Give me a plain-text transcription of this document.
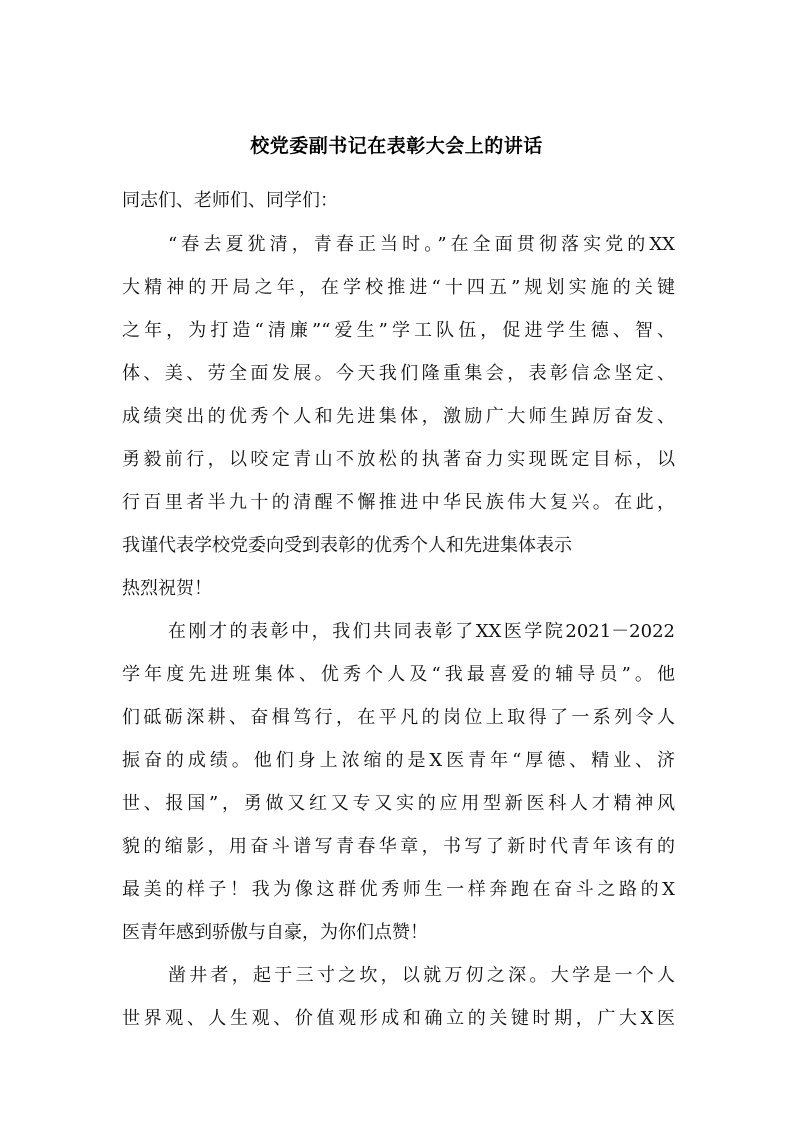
校党委副书记在表彰大会上的讲话
同志们、老师们、同学们：
“春去夏犹清，青春正当时。”在全面贯彻落实党的XX
大精神的开局之年，在学校推进“十四五”规划实施的关键
之年，为打造“清廉”“爱生”学工队伍，促进学生德、智、
体、美、劳全面发展。今天我们隆重集会，表彰信念坚定、
成绩突出的优秀个人和先进集体，激励广大师生踔厉奋发、
勇毅前行，以咬定青山不放松的执著奋力实现既定目标，以
行百里者半九十的清醒不懈推进中华民族伟大复兴。在此，
我谨代表学校党委向受到表彰的优秀个人和先进集体表示
热烈祝贺！
在刚才的表彰中，我们共同表彰了XX医学院2021－2022
学年度先进班集体、优秀个人及“我最喜爱的辅导员”。他
们砥砺深耕、奋楫笃行，在平凡的岗位上取得了一系列令人
振奋的成绩。他们身上浓缩的是X医青年“厚德、精业、济
世、报国”，勇做又红又专又实的应用型新医科人才精神风
貌的缩影，用奋斗谱写青春华章，书写了新时代青年该有的
最美的样子！我为像这群优秀师生一样奔跑在奋斗之路的X
医青年感到骄傲与自豪，为你们点赞！
凿井者，起于三寸之坎，以就万仞之深。大学是一个人
世界观、人生观、价值观形成和确立的关键时期，广大X医
